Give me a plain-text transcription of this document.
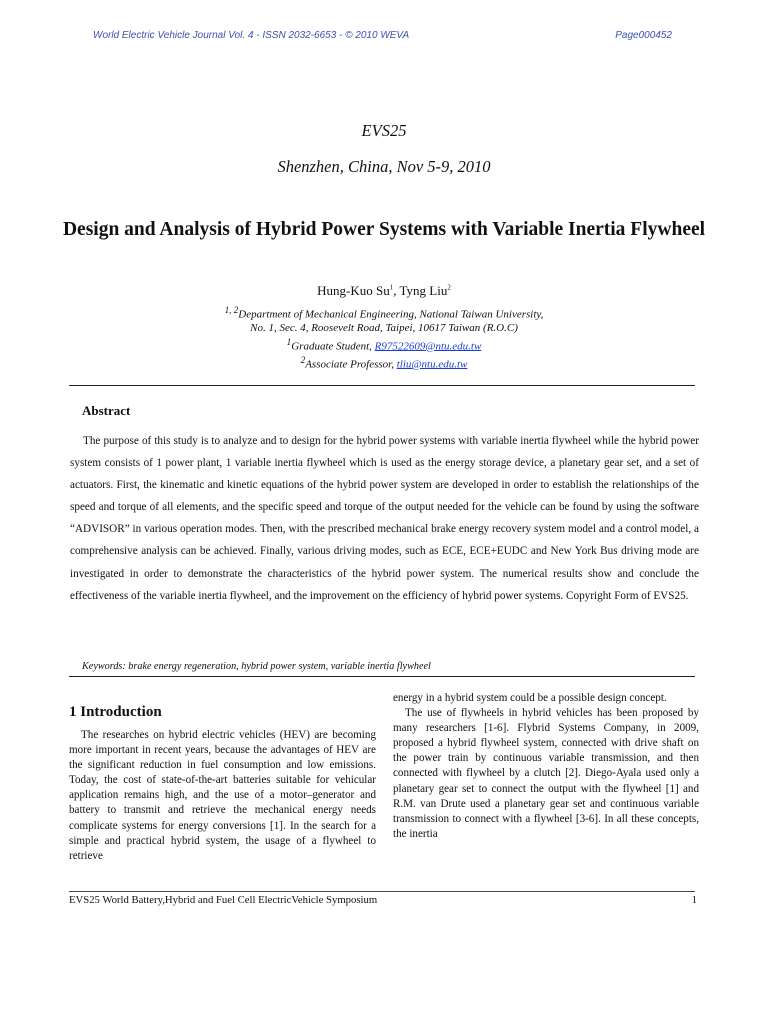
World Electric Vehicle Journal Vol. 4 - ISSN 2032-6653 - © 2010 WEVA	Page000452
EVS25
Shenzhen, China, Nov 5-9, 2010
Design and Analysis of Hybrid Power Systems with Variable Inertia Flywheel
Hung-Kuo Su$^1$, Tyng Liu$^2$
$^{1, 2}$Department of Mechanical Engineering, National Taiwan University,
No. 1, Sec. 4, Roosevelt Road, Taipei, 10617 Taiwan (R.O.C)
$^1$Graduate Student, R97522609@ntu.edu.tw
$^2$Associate Professor, tliu@ntu.edu.tw
Abstract

The purpose of this study is to analyze and to design for the hybrid power systems with variable inertia flywheel while the hybrid power system consists of 1 power plant, 1 variable inertia flywheel which is used as the energy storage device, a planetary gear set, and a set of actuators. First, the kinematic and kinetic equations of the hybrid power system are developed in order to establish the relationships of the speed and torque of all elements, and the specific speed and torque of the output needed for the vehicle can be found by using the software “ADVISOR” in various operation modes. Then, with the prescribed mechanical brake energy recovery system model and a control model, a comprehensive analysis can be achieved. Finally, various driving modes, such as ECE, ECE+EUDC and New York Bus driving mode are investigated in order to demonstrate the characteristics of the hybrid power system. The numerical results show and conclude the effectiveness of the variable inertia flywheel, and the improvement on the efficiency of hybrid power systems. Copyright Form of EVS25.

Keywords: brake energy regeneration, hybrid power system, variable inertia flywheel
1 Introduction

The researches on hybrid electric vehicles (HEV) are becoming more important in recent years, because the advantages of HEV are the significant reduction in fuel consumption and low emissions. Today, the cost of state-of-the-art batteries suitable for vehicular application remains high, and the use of a motor–generator and battery to transmit and retrieve the mechanical energy needs complicate systems for energy conversions [1]. In the search for a simple and practical hybrid system, the usage of a flywheel to retrieve

energy in a hybrid system could be a possible design concept.
The use of flywheels in hybrid vehicles has been proposed by many researchers [1-6]. Flybrid Systems Company, in 2009, proposed a hybrid flywheel system, connected with drive shaft on the power train by continuous variable transmission, and then connected with flywheel by a clutch [2]. Diego-Ayala used only a planetary gear set to connect the output with the flywheel [1] and R.M. van Drute used a planetary gear set and continuous variable transmission to connect with a flywheel [3-6]. In all these concepts, the inertia

EVS25 World Battery,Hybrid and Fuel Cell ElectricVehicle Symposium	1
